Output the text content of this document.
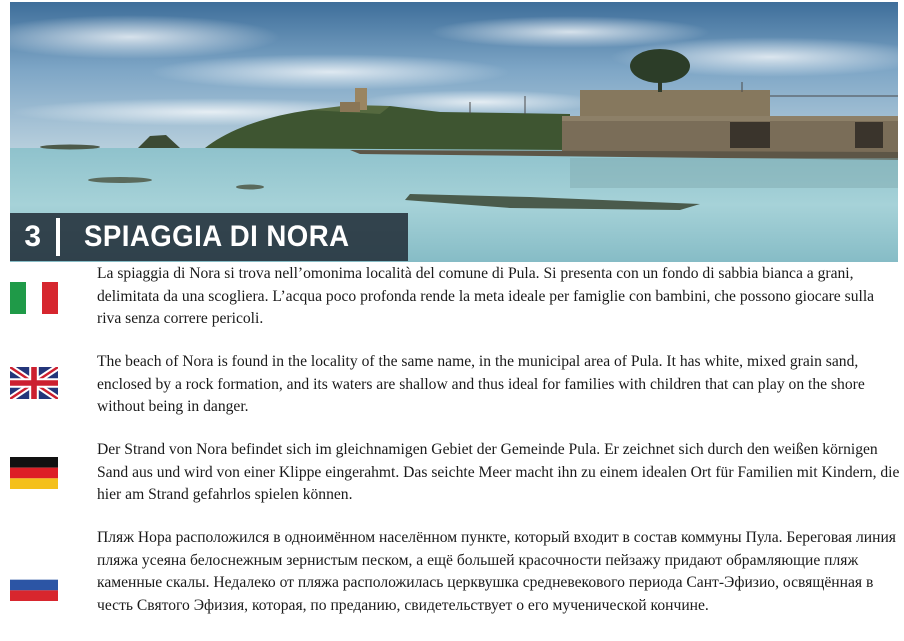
3	SPIAGGIA DI NORA

La spiaggia di Nora si trova nell’omonima località del comune di Pula. Si presenta con un fondo di sabbia bianca a grani, delimitata da una scogliera. L’acqua poco profonda rende la meta ideale per famiglie con bambini, che possono giocare sulla riva senza correre pericoli.

The beach of Nora is found in the locality of the same name, in the municipal area of Pula. It has white, mixed grain sand, enclosed by a rock formation, and its waters are shallow and thus ideal for families with children that can play on the shore without being in danger.

Der Strand von Nora befindet sich im gleichnamigen Gebiet der Gemeinde Pula. Er zeichnet sich durch den weißen körnigen Sand aus und wird von einer Klippe eingerahmt. Das seichte Meer macht ihn zu einem idealen Ort für Familien mit Kindern, die hier am Strand gefahrlos spielen können.

Пляж Нора расположился в одноимённом населённом пункте, который входит в состав коммуны Пула. Береговая линия пляжа усеяна белоснежным зернистым песком, а ещё большей красочности пейзажу придают обрамляющие пляж каменные скалы. Недалеко от пляжа расположилась церквушка средневекового периода Сант-Эфизио, освящённая в честь Святого Эфизия, которая, по преданию, свидетельствует о его мученической кончине.
